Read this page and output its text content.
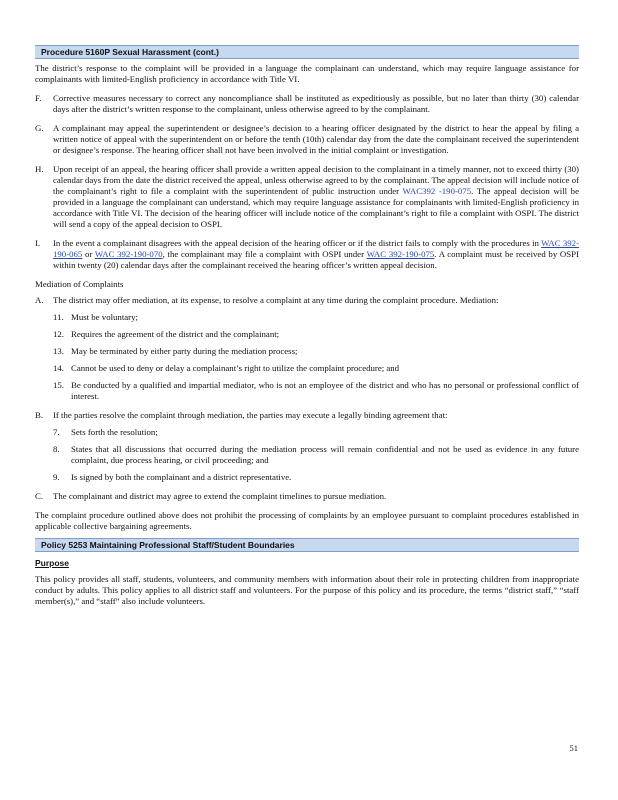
Procedure 5160P Sexual Harassment (cont.)

The district’s response to the complaint will be provided in a language the complainant can understand, which may require language assistance for complainants with limited-English proficiency in accordance with Title VI.

F. Corrective measures necessary to correct any noncompliance shall be instituted as expeditiously as possible, but no later than thirty (30) calendar days after the district’s written response to the complainant, unless otherwise agreed to by the complainant.

G. A complainant may appeal the superintendent or designee’s decision to a hearing officer designated by the district to hear the appeal by filing a written notice of appeal with the superintendent on or before the tenth (10th) calendar day from the date the complainant received the superintendent or designee’s response. The hearing officer shall not have been involved in the initial complaint or investigation.

H. Upon receipt of an appeal, the hearing officer shall provide a written appeal decision to the complainant in a timely manner, not to exceed thirty (30) calendar days from the date the district received the appeal, unless otherwise agreed to by the complainant. The appeal decision will include notice of the complainant’s right to file a complaint with the superintendent of public instruction under WAC392 -190-075. The appeal decision will be provided in a language the complainant can understand, which may require language assistance for complainants with limited-English proficiency in accordance with Title VI. The decision of the hearing officer will include notice of the complainant’s right to file a complaint with OSPI. The district will send a copy of the appeal decision to OSPI.

I. In the event a complainant disagrees with the appeal decision of the hearing officer or if the district fails to comply with the procedures in WAC 392-190-065 or WAC 392-190-070, the complainant may file a complaint with OSPI under WAC 392-190-075. A complaint must be received by OSPI within twenty (20) calendar days after the complainant received the hearing officer’s written appeal decision.

Mediation of Complaints
A. The district may offer mediation, at its expense, to resolve a complaint at any time during the complaint procedure. Mediation:

11. Must be voluntary;

12. Requires the agreement of the district and the complainant;

13. May be terminated by either party during the mediation process;

14. Cannot be used to deny or delay a complainant’s right to utilize the complaint procedure; and

15. Be conducted by a qualified and impartial mediator, who is not an employee of the district and who has no personal or professional conflict of interest.

B. If the parties resolve the complaint through mediation, the parties may execute a legally binding agreement that:

7. Sets forth the resolution;

8. States that all discussions that occurred during the mediation process will remain confidential and not be used as evidence in any future complaint, due process hearing, or civil proceeding; and

9. Is signed by both the complainant and a district representative.

C. The complainant and district may agree to extend the complaint timelines to pursue mediation.

The complaint procedure outlined above does not prohibit the processing of complaints by an employee pursuant to complaint procedures established in applicable collective bargaining agreements.

Policy 5253 Maintaining Professional Staff/Student Boundaries
Purpose

This policy provides all staff, students, volunteers, and community members with information about their role in protecting children from inappropriate conduct by adults. This policy applies to all district staff and volunteers. For the purpose of this policy and its procedure, the terms “district staff,” “staff member(s),” and “staff” also include volunteers.

51
